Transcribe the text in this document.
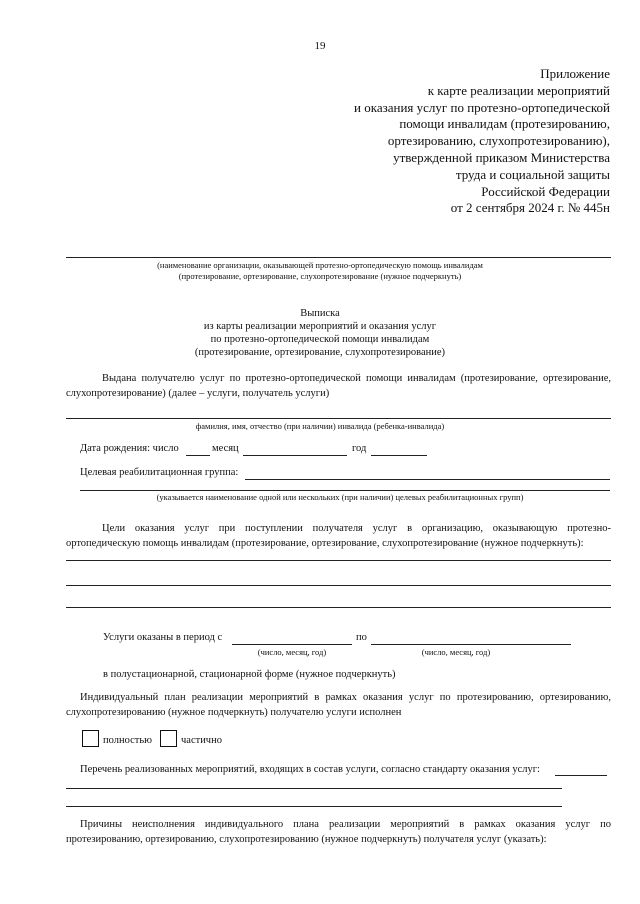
19
Приложение
к карте реализации мероприятий
и оказания услуг по протезно-ортопедической
помощи инвалидам (протезированию,
ортезированию, слухопротезированию),
утвержденной приказом Министерства
труда и социальной защиты
Российской Федерации
от 2 сентября 2024 г. № 445н
(наименование организации, оказывающей протезно-ортопедическую помощь инвалидам
(протезирование, ортезирование, слухопротезирование (нужное подчеркнуть)
Выписка
из карты реализации мероприятий и оказания услуг
по протезно-ортопедической помощи инвалидам
(протезирование, ортезирование, слухопротезирование)
Выдана получателю услуг по протезно-ортопедической помощи инвалидам (протезирование, ортезирование, слухопротезирование) (далее – услуги, получатель услуги)
фамилия, имя, отчество (при наличии) инвалида (ребенка-инвалида)
Дата рождения: число	месяц	год
Целевая реабилитационная группа:
(указывается наименование одной или нескольких (при наличии) целевых реабилитационных групп)
Цели оказания услуг при поступлении получателя услуг в организацию, оказывающую протезно-ортопедическую помощь инвалидам (протезирование, ортезирование, слухопротезирование (нужное подчеркнуть):
Услуги оказаны в период с	по
(число, месяц, год)	(число, месяц, год)
в полустационарной, стационарной форме (нужное подчеркнуть)
Индивидуальный план реализации мероприятий в рамках оказания услуг по протезированию, ортезированию, слухопротезированию (нужное подчеркнуть) получателю услуги исполнен
полностью	частично
Перечень реализованных мероприятий, входящих в состав услуги, согласно стандарту оказания услуг:
Причины неисполнения индивидуального плана реализации мероприятий в рамках оказания услуг по протезированию, ортезированию, слухопротезированию (нужное подчеркнуть) получателя услуг (указать):
